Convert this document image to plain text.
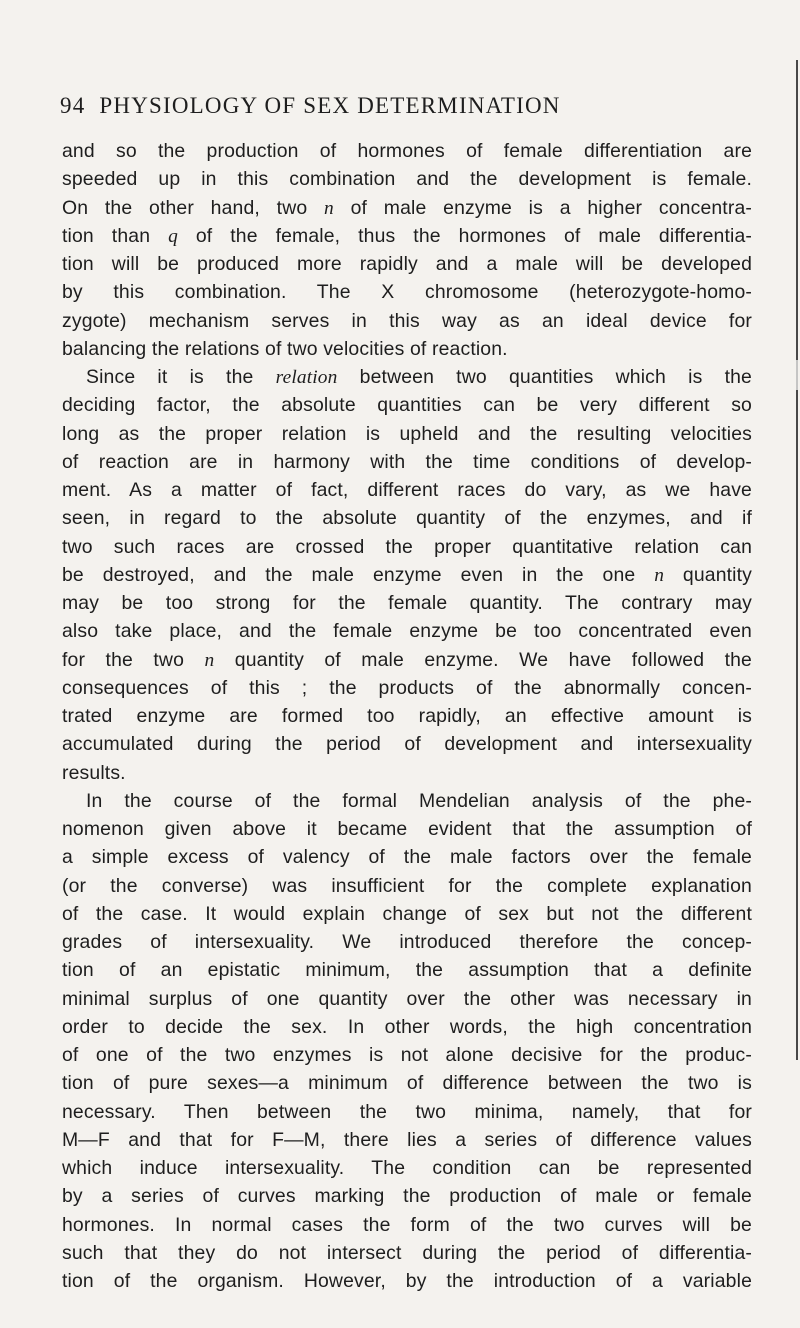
94 PHYSIOLOGY OF SEX DETERMINATION
and so the production of hormones of female differentiation are
speeded up in this combination and the development is female.
On the other hand, two n of male enzyme is a higher concentra-
tion than q of the female, thus the hormones of male differentia-
tion will be produced more rapidly and a male will be developed
by this combination. The X chromosome (heterozygote-homo-
zygote) mechanism serves in this way as an ideal device for
balancing the relations of two velocities of reaction.
Since it is the relation between two quantities which is the
deciding factor, the absolute quantities can be very different so
long as the proper relation is upheld and the resulting velocities
of reaction are in harmony with the time conditions of develop-
ment. As a matter of fact, different races do vary, as we have
seen, in regard to the absolute quantity of the enzymes, and if
two such races are crossed the proper quantitative relation can
be destroyed, and the male enzyme even in the one n quantity
may be too strong for the female quantity. The contrary may
also take place, and the female enzyme be too concentrated even
for the two n quantity of male enzyme. We have followed the
consequences of this ; the products of the abnormally concen-
trated enzyme are formed too rapidly, an effective amount is
accumulated during the period of development and intersexuality
results.
In the course of the formal Mendelian analysis of the phe-
nomenon given above it became evident that the assumption of
a simple excess of valency of the male factors over the female
(or the converse) was insufficient for the complete explanation
of the case. It would explain change of sex but not the different
grades of intersexuality. We introduced therefore the concep-
tion of an epistatic minimum, the assumption that a definite
minimal surplus of one quantity over the other was necessary in
order to decide the sex. In other words, the high concentration
of one of the two enzymes is not alone decisive for the produc-
tion of pure sexes—a minimum of difference between the two is
necessary. Then between the two minima, namely, that for
M—F and that for F—M, there lies a series of difference values
which induce intersexuality. The condition can be represented
by a series of curves marking the production of male or female
hormones. In normal cases the form of the two curves will be
such that they do not intersect during the period of differentia-
tion of the organism. However, by the introduction of a variable
